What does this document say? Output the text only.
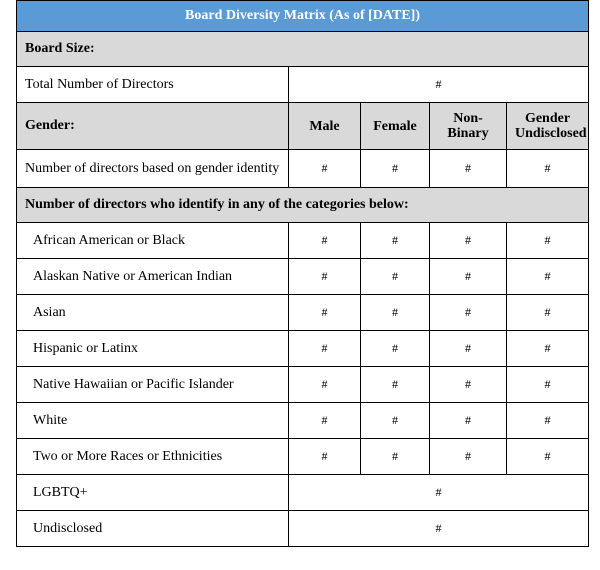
Board Diversity Matrix (As of [DATE])				
Board Size:				
Total Number of Directors	#			
Gender:	Male	Female	Non-Binary	Gender Undisclosed
Number of directors based on gender identity	#	#	#	#
Number of directors who identify in any of the categories below:				
African American or Black	#	#	#	#
Alaskan Native or American Indian	#	#	#	#
Asian	#	#	#	#
Hispanic or Latinx	#	#	#	#
Native Hawaiian or Pacific Islander	#	#	#	#
White	#	#	#	#
Two or More Races or Ethnicities	#	#	#	#
LGBTQ+	#			
Undisclosed	#			
